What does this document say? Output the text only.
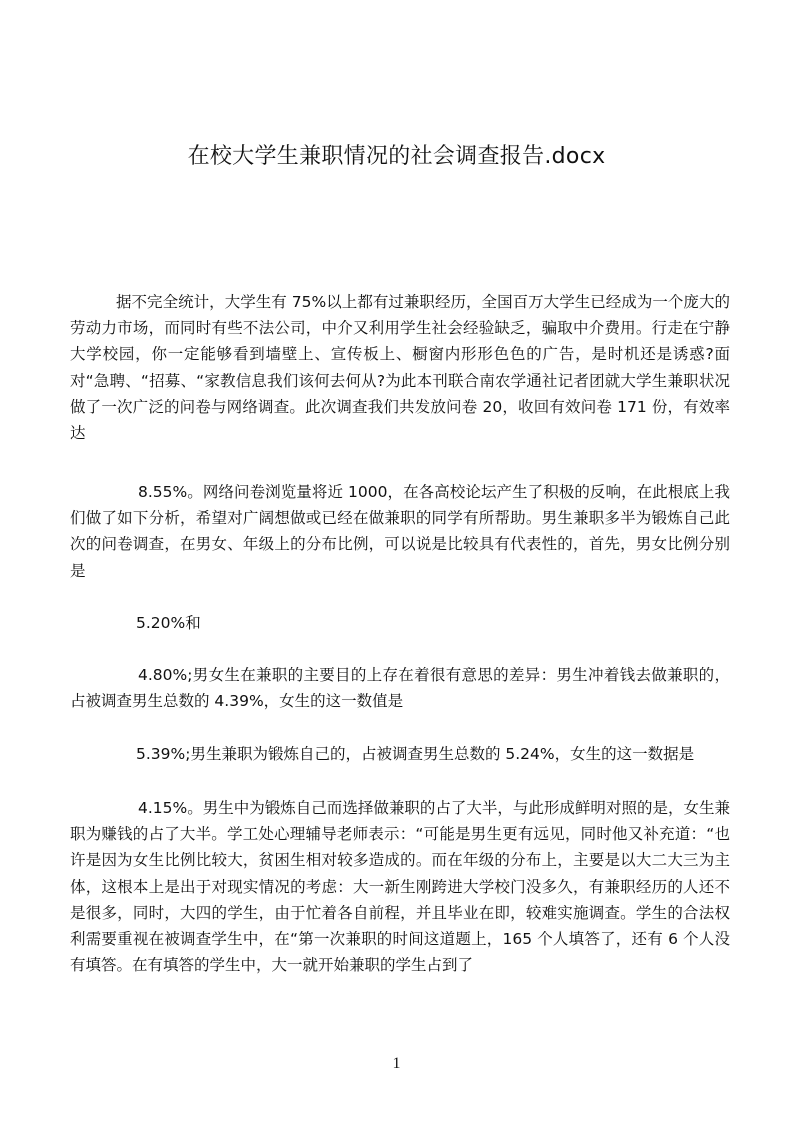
在校大学生兼职情况的社会调查报告.docx

据不完全统计，大学生有 75%以上都有过兼职经历，全国百万大学生已经成为一个庞大的劳动力市场，而同时有些不法公司，中介又利用学生社会经验缺乏，骗取中介费用。行走在宁静大学校园，你一定能够看到墙壁上、宣传板上、橱窗内形形色色的广告，是时机还是诱惑?面对“急聘、“招募、“家教信息我们该何去何从?为此本刊联合南农学通社记者团就大学生兼职状况做了一次广泛的问卷与网络调查。此次调查我们共发放问卷 20，收回有效问卷 171 份，有效率达

8.55%。网络问卷浏览量将近 1000，在各高校论坛产生了积极的反响，在此根底上我们做了如下分析，希望对广阔想做或已经在做兼职的同学有所帮助。男生兼职多半为锻炼自己此次的问卷调查，在男女、年级上的分布比例，可以说是比较具有代表性的，首先，男女比例分别是

5.20%和

4.80%;男女生在兼职的主要目的上存在着很有意思的差异：男生冲着钱去做兼职的，占被调查男生总数的 4.39%，女生的这一数值是

5.39%;男生兼职为锻炼自己的，占被调查男生总数的 5.24%，女生的这一数据是

4.15%。男生中为锻炼自己而选择做兼职的占了大半，与此形成鲜明对照的是，女生兼职为赚钱的占了大半。学工处心理辅导老师表示：“可能是男生更有远见，同时他又补充道：“也许是因为女生比例比较大，贫困生相对较多造成的。而在年级的分布上，主要是以大二大三为主体，这根本上是出于对现实情况的考虑：大一新生刚跨进大学校门没多久，有兼职经历的人还不是很多，同时，大四的学生，由于忙着各自前程，并且毕业在即，较难实施调查。学生的合法权利需要重视在被调查学生中，在“第一次兼职的时间这道题上，165 个人填答了，还有 6 个人没有填答。在有填答的学生中，大一就开始兼职的学生占到了

1
